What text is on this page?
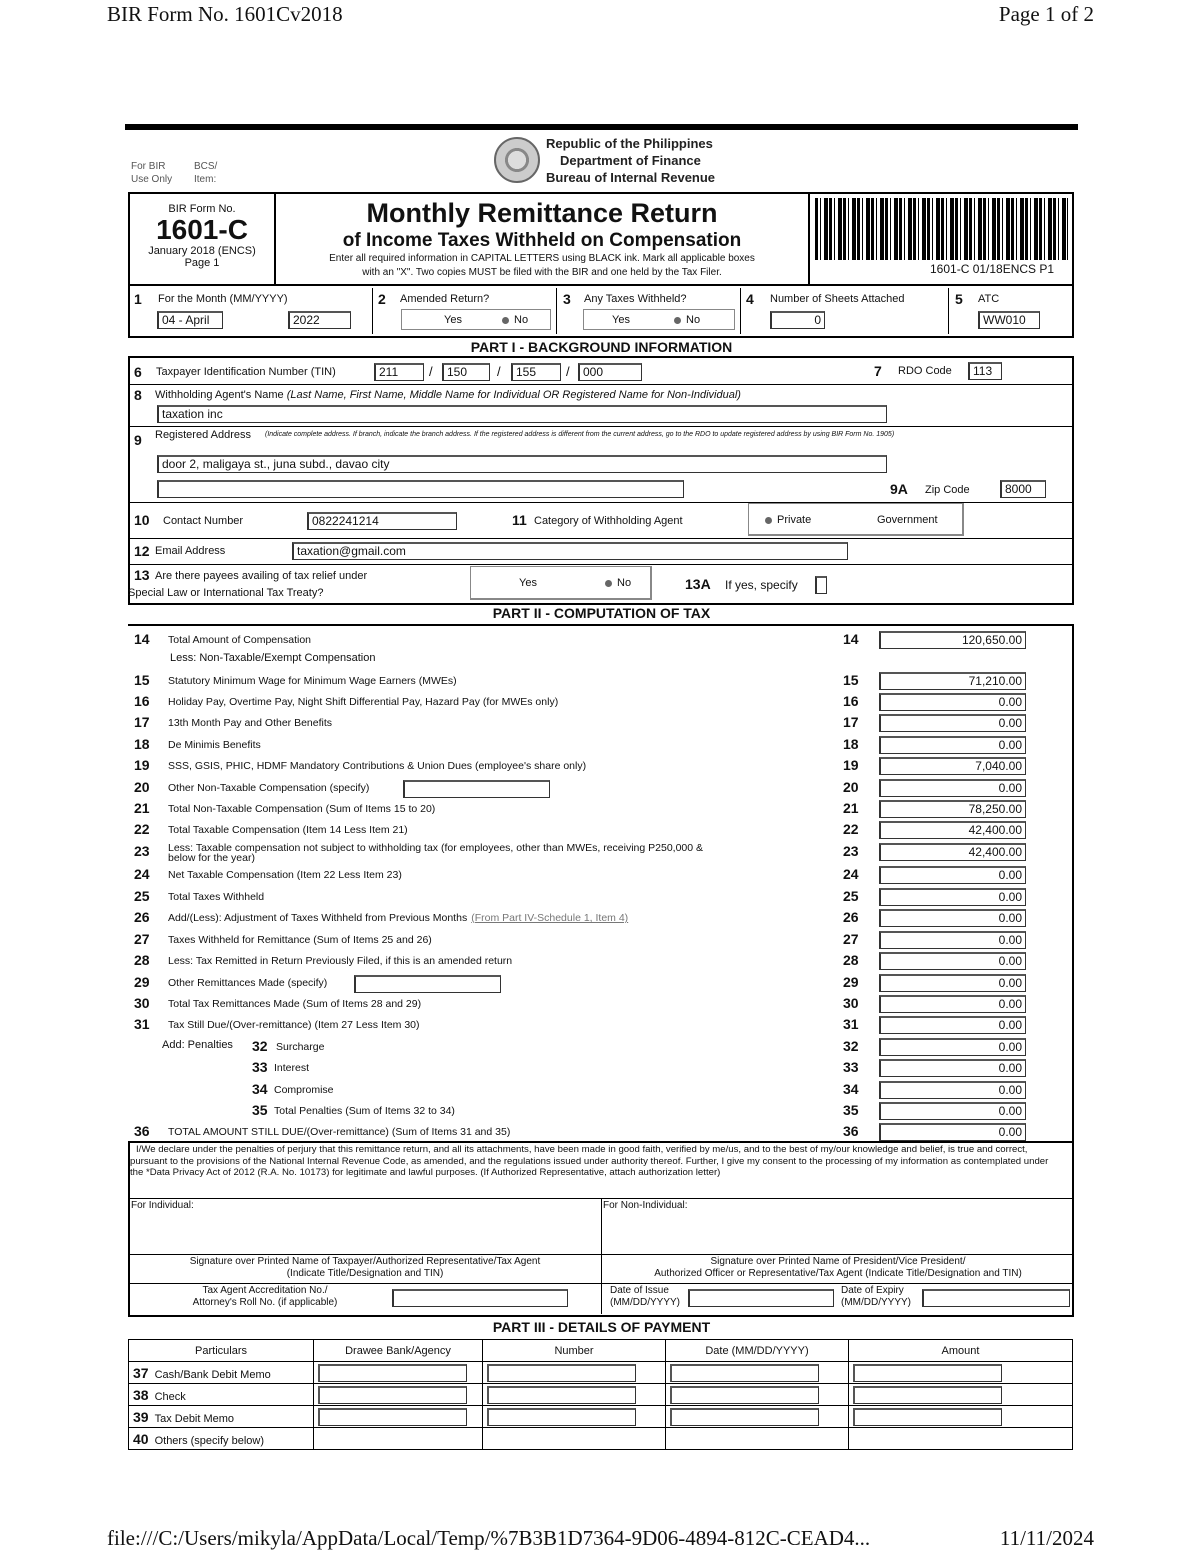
BIR Form No. 1601Cv2018	Page 1 of 2
file:///C:/Users/mikyla/AppData/Local/Temp/%7B3B1D7364-9D06-4894-812C-CEAD4...	11/11/2024
For BIR
Use Only
BCS/
Item:
Republic of the Philippines
Department of Finance
Bureau of Internal Revenue
BIR Form No.
1601-C
January 2018 (ENCS)
Page 1
Monthly Remittance Return
of Income Taxes Withheld on Compensation
Enter all required information in CAPITAL LETTERS using BLACK ink. Mark all applicable boxes
with an "X". Two copies MUST be filed with the BIR and one held by the Tax Filer.	1601-C 01/18ENCS P1
1 For the Month (MM/YYYY)
04 - April	2022
2 Amended Return?
Yes	No
3 Any Taxes Withheld?
Yes	No
4 Number of Sheets Attached
0
5 ATC
WW010
PART I - BACKGROUND INFORMATION
6 Taxpayer Identification Number (TIN)	211	/	150	/	155	/	000	7 RDO Code	113
8 Withholding Agent's Name (Last Name, First Name, Middle Name for Individual OR Registered Name for Non-Individual)
taxation inc
9 Registered Address (Indicate complete address. If branch, indicate the branch address. If the registered address is different from the current address, go to the RDO to update registered address by using BIR Form No. 1905)
door 2, maligaya st., juna subd., davao city
9A Zip Code	8000
10 Contact Number	0822241214	11 Category of Withholding Agent	Private	Government
12 Email Address	taxation@gmail.com
13 Are there payees availing of tax relief under
Special Law or International Tax Treaty?
Yes	No	13A If yes, specify
PART II - COMPUTATION OF TAX
Less: Non-Taxable/Exempt Compensation
Add: Penalties
14 Total Amount of Compensation	14	120,650.00
15 Statutory Minimum Wage for Minimum Wage Earners (MWEs)	15	71,210.00
16 Holiday Pay, Overtime Pay, Night Shift Differential Pay, Hazard Pay (for MWEs only)	16	0.00
17 13th Month Pay and Other Benefits	17	0.00
18 De Minimis Benefits	18	0.00
19 SSS, GSIS, PHIC, HDMF Mandatory Contributions & Union Dues (employee's share only)	19	7,040.00
20 Other Non-Taxable Compensation (specify)	20	0.00
21 Total Non-Taxable Compensation (Sum of Items 15 to 20)	21	78,250.00
22 Total Taxable Compensation (Item 14 Less Item 21)	22	42,400.00
23 Less: Taxable compensation not subject to withholding tax (for employees, other than MWEs, receiving P250,000 & below for the year)	23	42,400.00
24 Net Taxable Compensation (Item 22 Less Item 23)	24	0.00
25 Total Taxes Withheld	25	0.00
26 Add/(Less): Adjustment of Taxes Withheld from Previous Months (From Part IV-Schedule 1, Item 4)	26	0.00
27 Taxes Withheld for Remittance (Sum of Items 25 and 26)	27	0.00
28 Less: Tax Remitted in Return Previously Filed, if this is an amended return	28	0.00
29 Other Remittances Made (specify)	29	0.00
30 Total Tax Remittances Made (Sum of Items 28 and 29)	30	0.00
31 Tax Still Due/(Over-remittance) (Item 27 Less Item 30)	31	0.00
32 Surcharge	32	0.00
33 Interest	33	0.00
34 Compromise	34	0.00
35 Total Penalties (Sum of Items 32 to 34)	35	0.00
36 TOTAL AMOUNT STILL DUE/(Over-remittance) (Sum of Items 31 and 35)	36	0.00
I/We declare under the penalties of perjury that this remittance return, and all its attachments, have been made in good faith, verified by me/us, and to the best of my/our knowledge and belief, is true and correct, pursuant to the provisions of the National Internal Revenue Code, as amended, and the regulations issued under authority thereof. Further, I give my consent to the processing of my information as contemplated under the *Data Privacy Act of 2012 (R.A. No. 10173) for legitimate and lawful purposes. (If Authorized Representative, attach authorization letter)
For Individual:	For Non-Individual:
Signature over Printed Name of Taxpayer/Authorized Representative/Tax Agent
(Indicate Title/Designation and TIN)
Signature over Printed Name of President/Vice President/
Authorized Officer or Representative/Tax Agent (Indicate Title/Designation and TIN)
Tax Agent Accreditation No./
Attorney's Roll No. (if applicable)
Date of Issue
(MM/DD/YYYY)
Date of Expiry
(MM/DD/YYYY)
PART III - DETAILS OF PAYMENT
Particulars	Drawee Bank/Agency	Number	Date (MM/DD/YYYY)	Amount
37 Cash/Bank Debit Memo	

38 Check	

39 Tax Debit Memo	

40 Others (specify below)				
